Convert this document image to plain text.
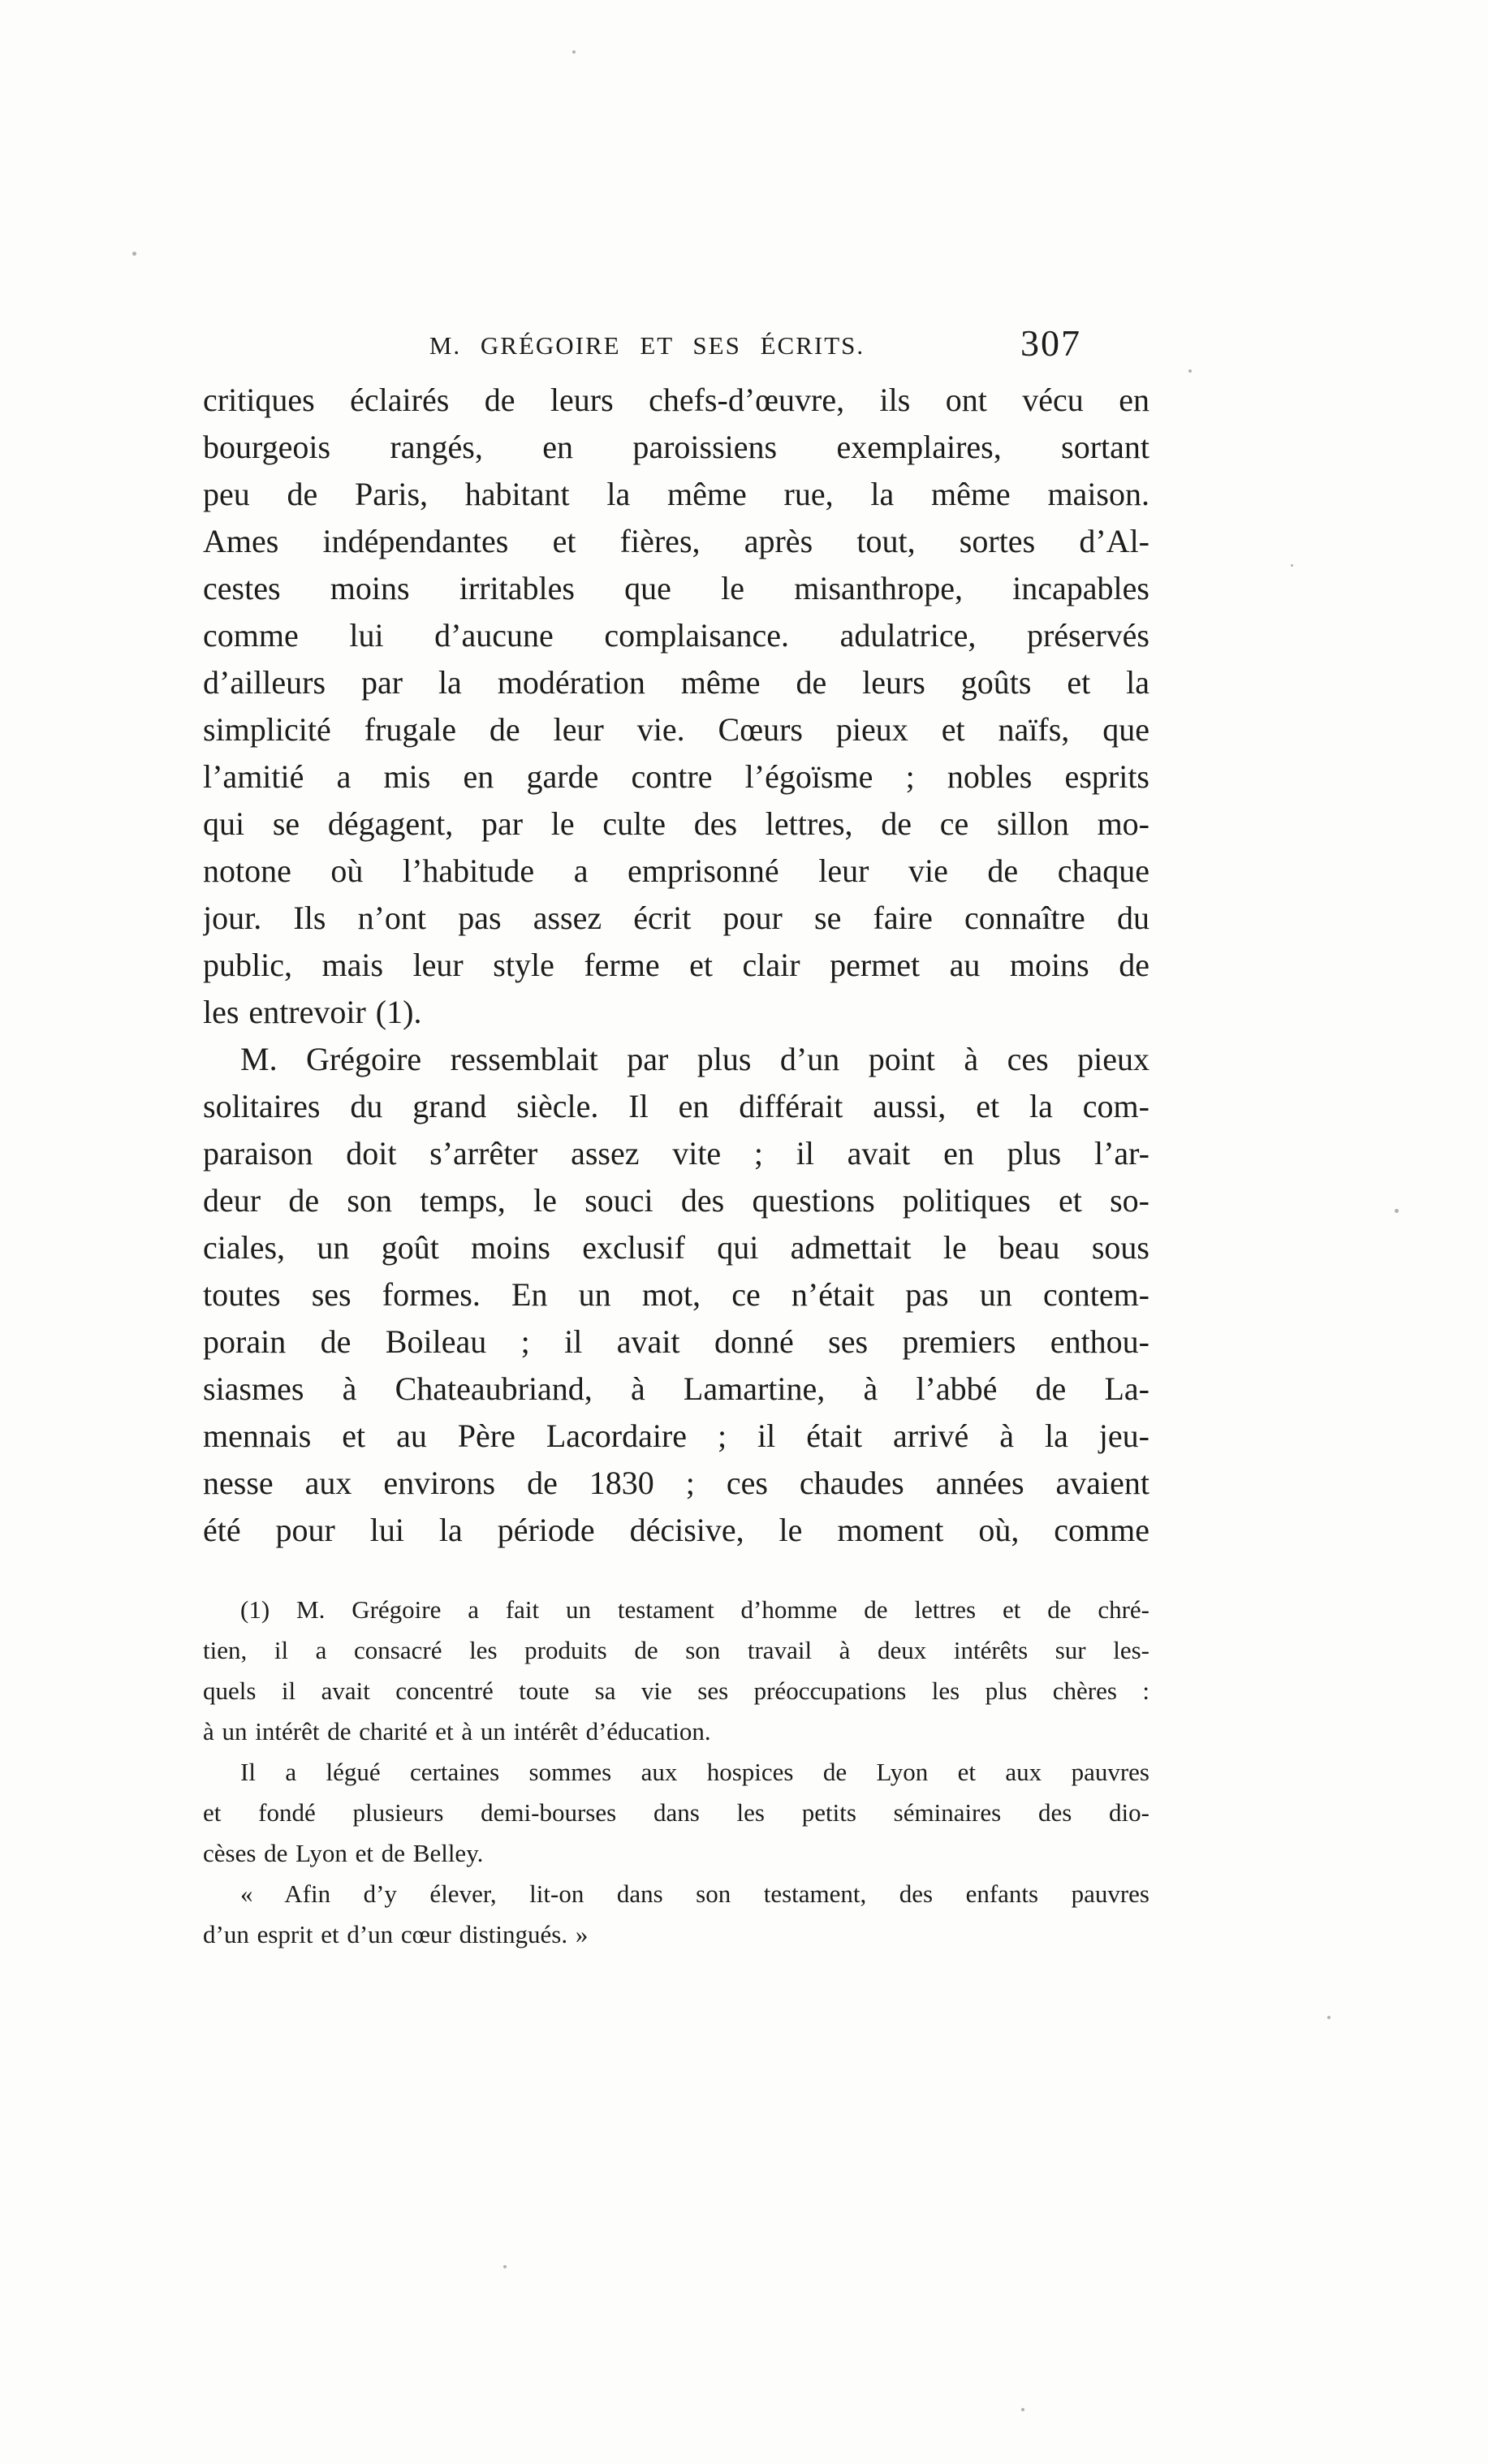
M. GRÉGOIRE ET SES ÉCRITS.	307
critiques éclairés de leurs chefs-d’œuvre, ils ont vécu en
bourgeois rangés, en paroissiens exemplaires, sortant
peu de Paris, habitant la même rue, la même maison.
Ames indépendantes et fières, après tout, sortes d’Al-
cestes moins irritables que le misanthrope, incapables
comme lui d’aucune complaisance. adulatrice, préservés
d’ailleurs par la modération même de leurs goûts et la
simplicité frugale de leur vie. Cœurs pieux et naïfs, que
l’amitié a mis en garde contre l’égoïsme ; nobles esprits
qui se dégagent, par le culte des lettres, de ce sillon mo-
notone où l’habitude a emprisonné leur vie de chaque
jour. Ils n’ont pas assez écrit pour se faire connaître du
public, mais leur style ferme et clair permet au moins de
les entrevoir (1).
M. Grégoire ressemblait par plus d’un point à ces pieux
solitaires du grand siècle. Il en différait aussi, et la com-
paraison doit s’arrêter assez vite ; il avait en plus l’ar-
deur de son temps, le souci des questions politiques et so-
ciales, un goût moins exclusif qui admettait le beau sous
toutes ses formes. En un mot, ce n’était pas un contem-
porain de Boileau ; il avait donné ses premiers enthou-
siasmes à Chateaubriand, à Lamartine, à l’abbé de La-
mennais et au Père Lacordaire ; il était arrivé à la jeu-
nesse aux environs de 1830 ; ces chaudes années avaient
été pour lui la période décisive, le moment où, comme
(1) M. Grégoire a fait un testament d’homme de lettres et de chré-
tien, il a consacré les produits de son travail à deux intérêts sur les-
quels il avait concentré toute sa vie ses préoccupations les plus chères :
à un intérêt de charité et à un intérêt d’éducation.
Il a légué certaines sommes aux hospices de Lyon et aux pauvres
et fondé plusieurs demi-bourses dans les petits séminaires des dio-
cèses de Lyon et de Belley.
« Afin d’y élever, lit-on dans son testament, des enfants pauvres
d’un esprit et d’un cœur distingués. »
